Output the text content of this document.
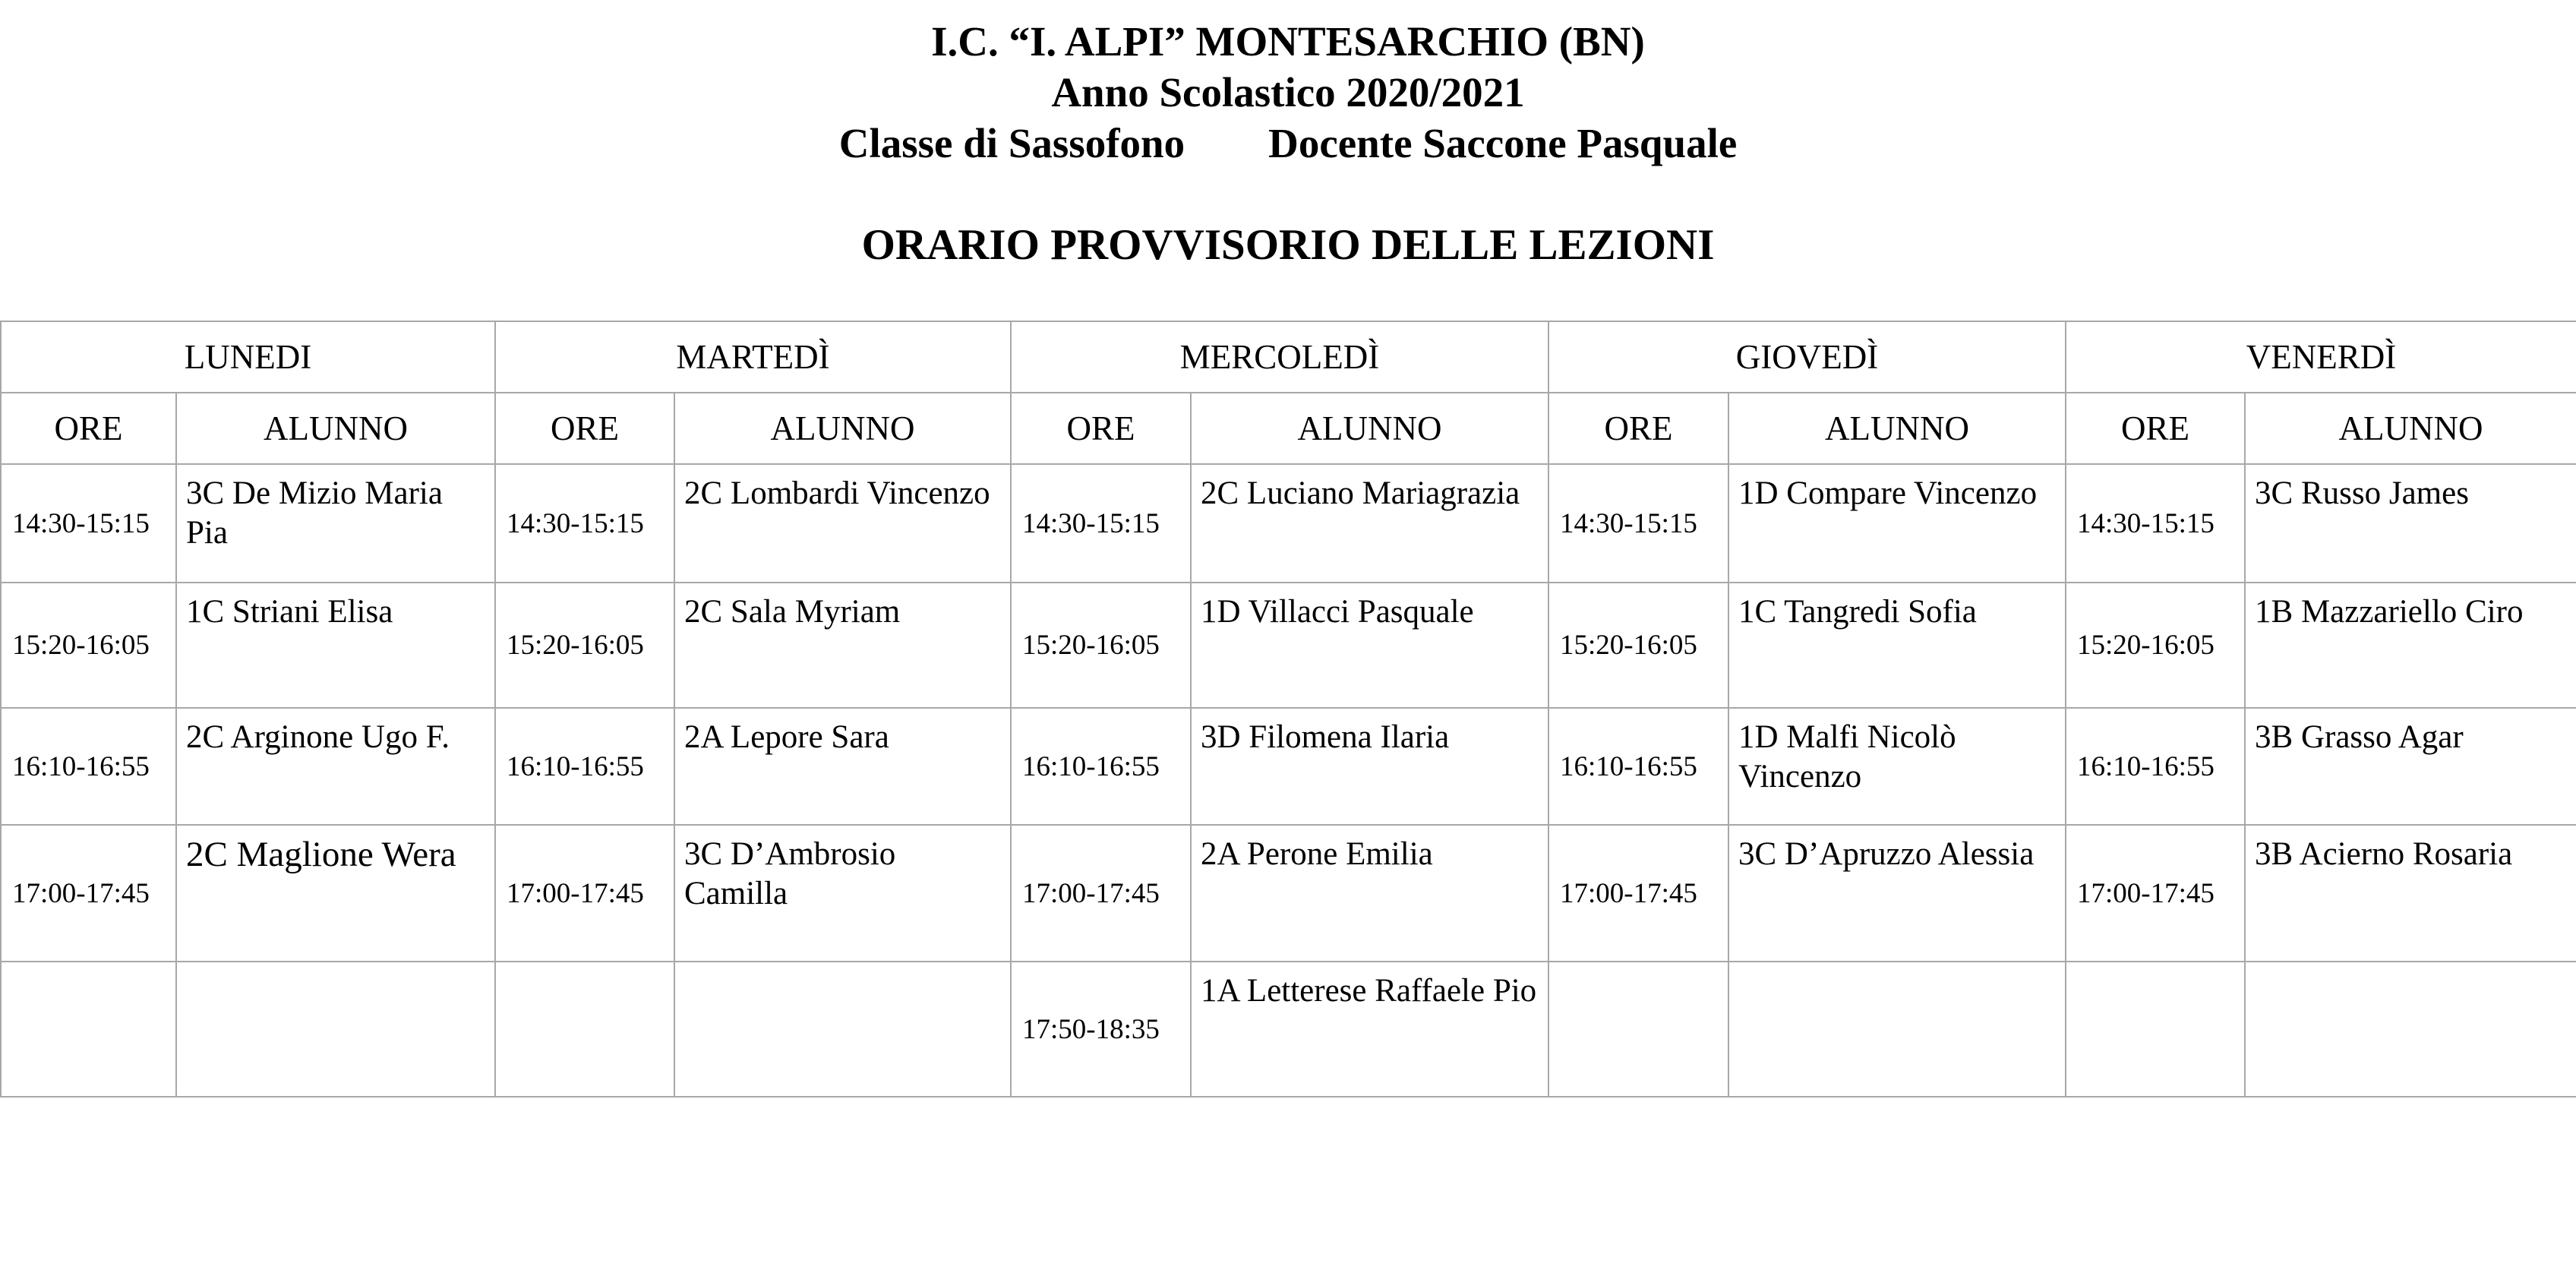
I.C. “I. ALPI” MONTESARCHIO (BN)
Anno Scolastico 2020/2021
Classe di Sassofono Docente Saccone Pasquale
ORARIO PROVVISORIO DELLE LEZIONI
LUNEDI		MARTEDÌ		MERCOLEDÌ		GIOVEDÌ		VENERDÌ	
ORE	ALUNNO	ORE	ALUNNO	ORE	ALUNNO	ORE	ALUNNO	ORE	ALUNNO
14:30-15:15	3C De Mizio Maria Pia	14:30-15:15	2C Lombardi Vincenzo	14:30-15:15	2C Luciano Mariagrazia	14:30-15:15	1D Compare Vincenzo	14:30-15:15	3C Russo James
15:20-16:05	1C Striani Elisa	15:20-16:05	2C Sala Myriam	15:20-16:05	1D Villacci Pasquale	15:20-16:05	1C Tangredi Sofia	15:20-16:05	1B Mazzariello Ciro
16:10-16:55	2C Arginone Ugo F.	16:10-16:55	2A Lepore Sara	16:10-16:55	3D Filomena Ilaria	16:10-16:55	1D Malfi Nicolò Vincenzo	16:10-16:55	3B Grasso Agar
17:00-17:45	2C Maglione Wera	17:00-17:45	3C D’Ambrosio Camilla	17:00-17:45	2A Perone Emilia	17:00-17:45	3C D’Apruzzo Alessia	17:00-17:45	3B Acierno Rosaria
				17:50-18:35	1A Letterese Raffaele Pio				
